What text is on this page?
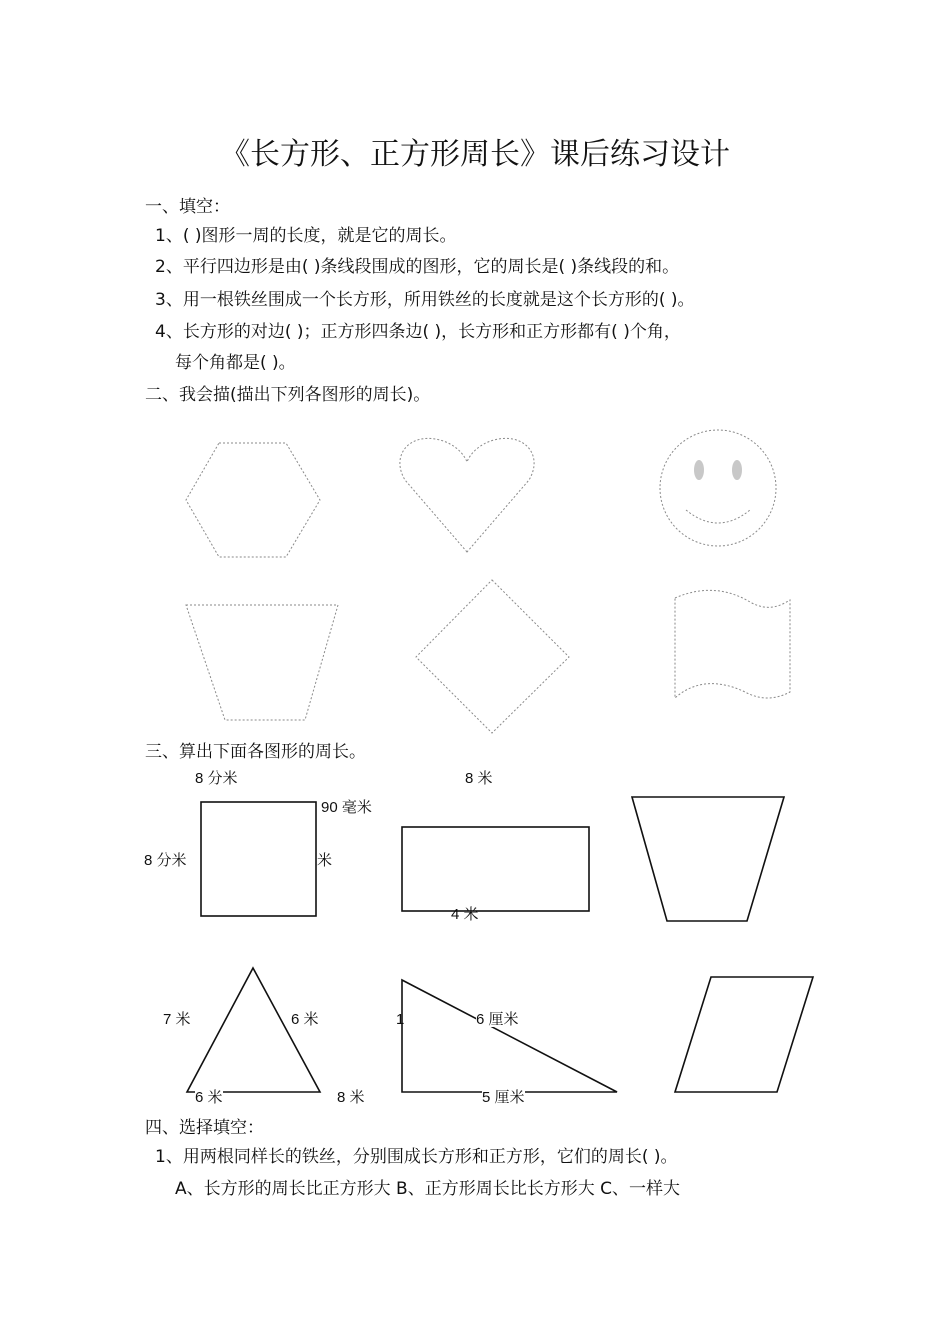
《长方形、正方形周长》课后练习设计
一、填空：
1、( )图形一周的长度，就是它的周长。
2、平行四边形是由( )条线段围成的图形，它的周长是( )条线段的和。
3、用一根铁丝围成一个长方形，所用铁丝的长度就是这个长方形的( )。
4、长方形的对边( )；正方形四条边( )，长方形和正方形都有( )个角，
每个角都是( )。
二、我会描(描出下列各图形的周长)。
三、算出下面各图形的周长。
8 分米
8 分米	米
90 毫米
8 米
4 米
7 米	6 米
6 米	8 米
1	6 厘米
5 厘米
四、选择填空：
1、用两根同样长的铁丝，分别围成长方形和正方形，它们的周长( )。
A、长方形的周长比正方形大 B、正方形周长比长方形大 C、一样大
